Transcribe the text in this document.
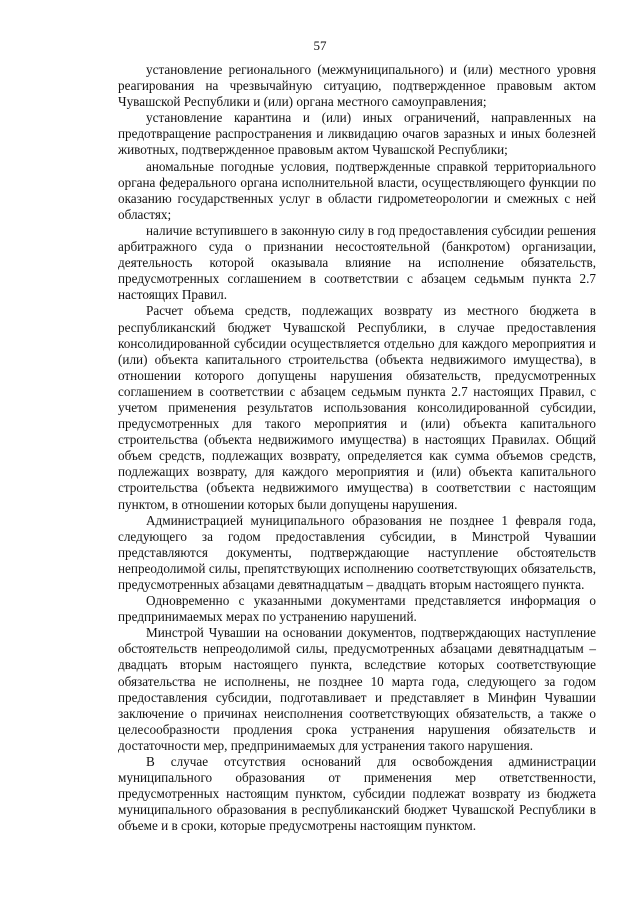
57

установление регионального (межмуниципального) и (или) местного уровня реагирования на чрезвычайную ситуацию, подтвержденное правовым актом Чувашской Республики и (или) органа местного самоуправления;

установление карантина и (или) иных ограничений, направленных на предотвращение распространения и ликвидацию очагов заразных и иных болезней животных, подтвержденное правовым актом Чувашской Республики;

аномальные погодные условия, подтвержденные справкой территориального органа федерального органа исполнительной власти, осуществляющего функции по оказанию государственных услуг в области гидрометеорологии и смежных с ней областях;

наличие вступившего в законную силу в год предоставления субсидии решения арбитражного суда о признании несостоятельной (банкротом) организации, деятельность которой оказывала влияние на исполнение обязательств, предусмотренных соглашением в соответствии с абзацем седьмым пункта 2.7 настоящих Правил.

Расчет объема средств, подлежащих возврату из местного бюджета в республиканский бюджет Чувашской Республики, в случае предоставления консолидированной субсидии осуществляется отдельно для каждого мероприятия и (или) объекта капитального строительства (объекта недвижимого имущества), в отношении которого допущены нарушения обязательств, предусмотренных соглашением в соответствии с абзацем седьмым пункта 2.7 настоящих Правил, с учетом применения результатов использования консолидированной субсидии, предусмотренных для такого мероприятия и (или) объекта капитального строительства (объекта недвижимого имущества) в настоящих Правилах. Общий объем средств, подлежащих возврату, определяется как сумма объемов средств, подлежащих возврату, для каждого мероприятия и (или) объекта капитального строительства (объекта недвижимого имущества) в соответствии с настоящим пунктом, в отношении которых были допущены нарушения.

Администрацией муниципального образования не позднее 1 февраля года, следующего за годом предоставления субсидии, в Минстрой Чувашии представляются документы, подтверждающие наступление обстоятельств непреодолимой силы, препятствующих исполнению соответствующих обязательств, предусмотренных абзацами девятнадцатым – двадцать вторым настоящего пункта.

Одновременно с указанными документами представляется информация о предпринимаемых мерах по устранению нарушений.

Минстрой Чувашии на основании документов, подтверждающих наступление обстоятельств непреодолимой силы, предусмотренных абзацами девятнадцатым – двадцать вторым настоящего пункта, вследствие которых соответствующие обязательства не исполнены, не позднее 10 марта года, следующего за годом предоставления субсидии, подготавливает и представляет в Минфин Чувашии заключение о причинах неисполнения соответствующих обязательств, а также о целесообразности продления срока устранения нарушения обязательств и достаточности мер, предпринимаемых для устранения такого нарушения.

В случае отсутствия оснований для освобождения администрации муниципального образования от применения мер ответственности, предусмотренных настоящим пунктом, субсидии подлежат возврату из бюджета муниципального образования в республиканский бюджет Чувашской Республики в объеме и в сроки, которые предусмотрены настоящим пунктом.
